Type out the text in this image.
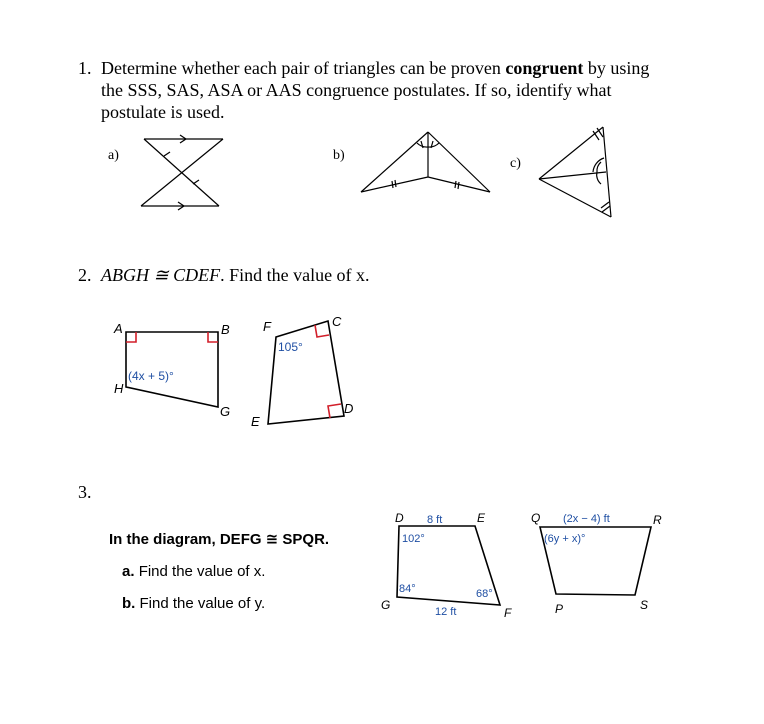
1. Determine whether each pair of triangles can be proven congruent by using
the SSS, SAS, ASA or AAS congruence postulates. If so, identify what
postulate is used.
a)	b)
c)
2. ABGH ≅ CDEF. Find the value of x.
A	B
G
H
F	C
D
E
(4x + 5)°
105°
3.
In the diagram, DEFG ≅ SPQR.
a. Find the value of x.
b. Find the value of y.
D	E
F
G
8 ft
12 ft
102°
84°	68°
Q	R
S
P
(2x − 4) ft
(6y + x)°
